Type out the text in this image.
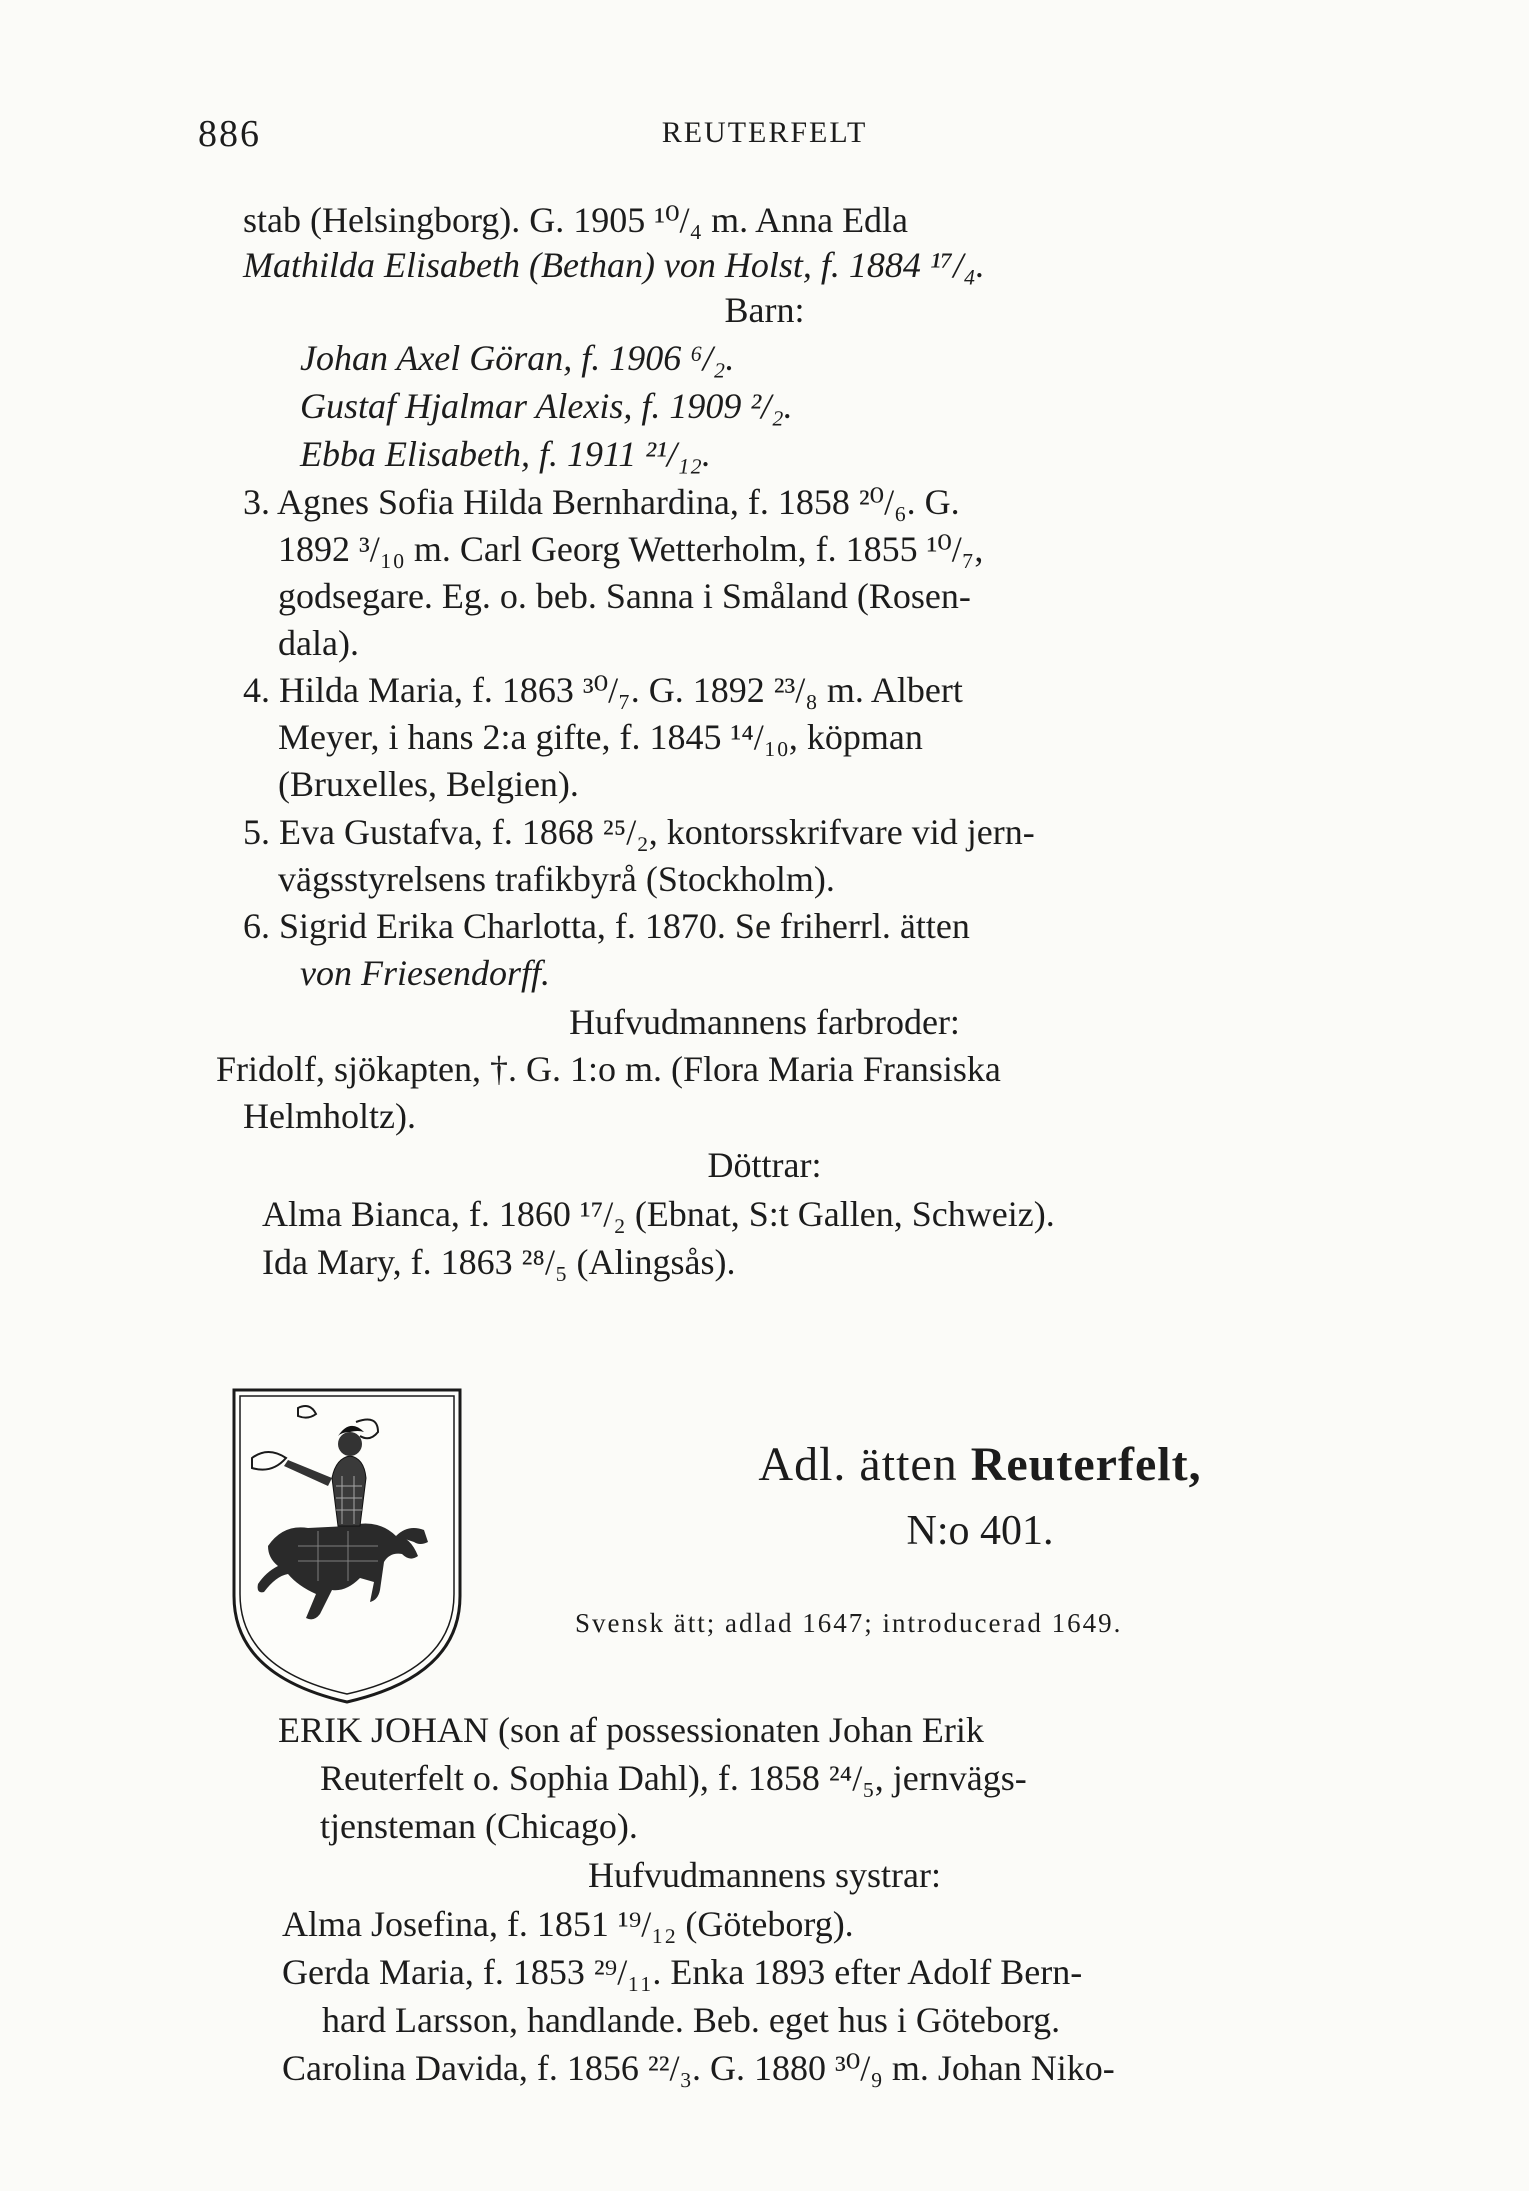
886	REUTERFELT
stab (Helsingborg). G. 1905 ¹⁰/₄ m. Anna Edla
Mathilda Elisabeth (Bethan) von Holst, f. 1884 ¹⁷/₄.
Barn:
Johan Axel Göran, f. 1906 ⁶/₂.
Gustaf Hjalmar Alexis, f. 1909 ²/₂.
Ebba Elisabeth, f. 1911 ²¹/₁₂.
3. Agnes Sofia Hilda Bernhardina, f. 1858 ²⁰/₆. G.
1892 ³/₁₀ m. Carl Georg Wetterholm, f. 1855 ¹⁰/₇,
godsegare. Eg. o. beb. Sanna i Småland (Rosen-
dala).
4. Hilda Maria, f. 1863 ³⁰/₇. G. 1892 ²³/₈ m. Albert
Meyer, i hans 2:a gifte, f. 1845 ¹⁴/₁₀, köpman
(Bruxelles, Belgien).
5. Eva Gustafva, f. 1868 ²⁵/₂, kontorsskrifvare vid jern-
vägsstyrelsens trafikbyrå (Stockholm).
6. Sigrid Erika Charlotta, f. 1870. Se friherrl. ätten
von Friesendorff.
Hufvudmannens farbroder:
Fridolf, sjökapten, †. G. 1:o m. (Flora Maria Fransiska
Helmholtz).
Döttrar:
Alma Bianca, f. 1860 ¹⁷/₂ (Ebnat, S:t Gallen, Schweiz).
Ida Mary, f. 1863 ²⁸/₅ (Alingsås).
Adl. ätten Reuterfelt,
N:o 401.
Svensk ätt; adlad 1647; introducerad 1649.
ERIK JOHAN (son af possessionaten Johan Erik
Reuterfelt o. Sophia Dahl), f. 1858 ²⁴/₅, jernvägs-
tjensteman (Chicago).
Hufvudmannens systrar:
Alma Josefina, f. 1851 ¹⁹/₁₂ (Göteborg).
Gerda Maria, f. 1853 ²⁹/₁₁. Enka 1893 efter Adolf Bern-
hard Larsson, handlande. Beb. eget hus i Göteborg.
Carolina Davida, f. 1856 ²²/₃. G. 1880 ³⁰/₉ m. Johan Niko-
